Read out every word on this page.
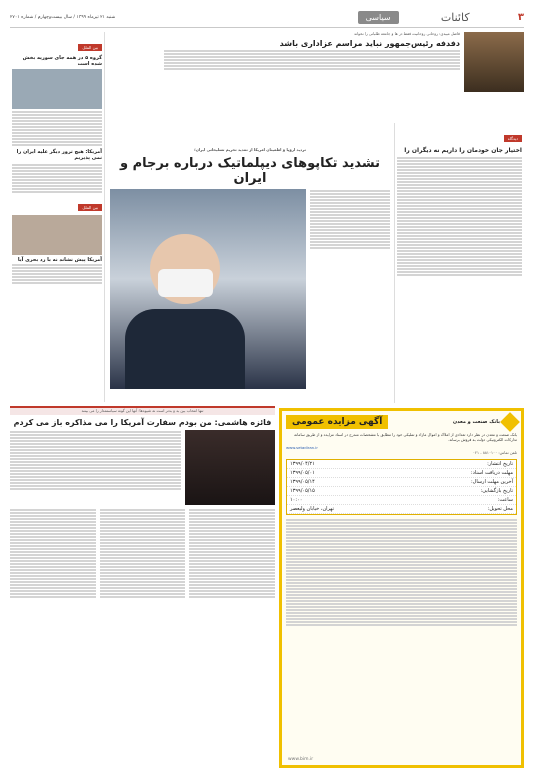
۳
کائنات
سیاسی
شنبه ۲۱ تیرماه ۱۳۹۹ / سال بیست‌وچهارم / شماره ۲۷۰۱
فاضل میبدی: روحانی روحانیت فقط در ها و جامعه طلبانی را نخواند
دفدفه رئیس‌جمهور نباید مراسم عزاداری باشد
بین الملل
گروه ۵ در همه جای سوریه بخش شده است
آمریکا: هیچ ترور دیگر علیه ایران را نمی پذیریم
بین الملل
آمریکا پیش نشاند نه با رد بحری آیا
دیدگاه
اختیار جان خودمان را داریم نه دیگران را
تردید اروپا و اطمینان آمریکا از تمدید تحریم تسلیحاتی ایران؛
تشدید تکاپوهای دیپلماتیک درباره برجام و ایران
تنها انتخاب بین بد و بدتر است نه شیوه‌ها؛ آنها این گونه سیاستمدار را می بینند
فائزه هاشمی: من بودم سفارت آمریکا را می مذاکره باز می کردم	بانک صنعت و معدن
آگهی مزایده عمومی
بانک صنعت و معدن در نظر دارد تعدادی از املاک و اموال مازاد و تملیکی خود را مطابق با مشخصات مندرج در اسناد مزایده و از طریق سامانه تدارکات الکترونیکی دولت به فروش برساند.
www.setadiran.ir
تلفن تماس: ۸۸۱۰۱۰۰ - ۰۲۱
تاریخ انتشار:
۱۳۹۹/۰۴/۲۱
مهلت دریافت اسناد:
۱۳۹۹/۰۵/۰۱
آخرین مهلت ارسال:
۱۳۹۹/۰۵/۱۴
تاریخ بازگشایی:
۱۳۹۹/۰۵/۱۵
ساعت:
۱۰:۰۰
محل تحویل:
تهران، خیابان ولیعصر
www.bim.ir
